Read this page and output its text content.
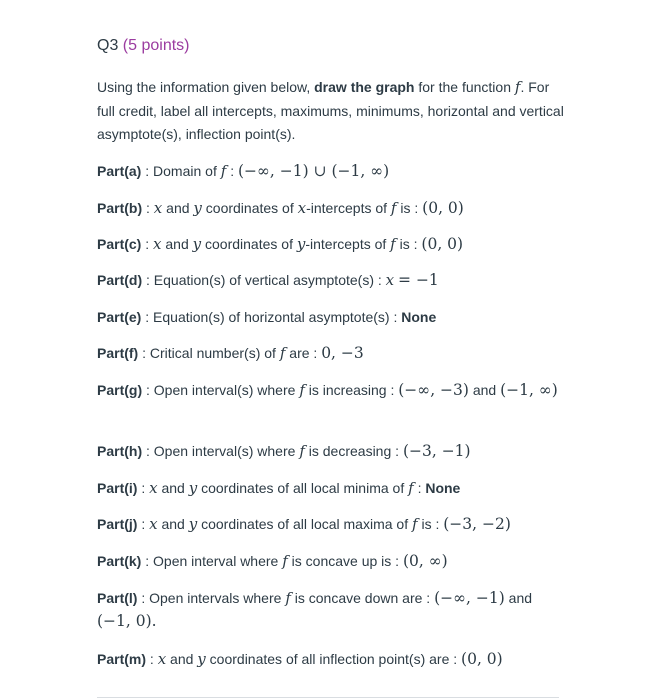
Q3 (5 points)
Using the information given below, draw the graph for the function f. For full credit, label all intercepts, maximums, minimums, horizontal and vertical asymptote(s), inflection point(s).
Part(a) : Domain of f : (−∞, −1) ∪ (−1, ∞)
Part(b) : x and y coordinates of x-intercepts of f is : (0, 0)
Part(c) : x and y coordinates of y-intercepts of f is : (0, 0)
Part(d) : Equation(s) of vertical asymptote(s) : x = −1
Part(e) : Equation(s) of horizontal asymptote(s) : None
Part(f) : Critical number(s) of f are : 0, −3
Part(g) : Open interval(s) where f is increasing : (−∞, −3) and (−1, ∞)
Part(h) : Open interval(s) where f is decreasing : (−3, −1)
Part(i) : x and y coordinates of all local minima of f : None
Part(j) : x and y coordinates of all local maxima of f is : (−3, −2)
Part(k) : Open interval where f is concave up is : (0, ∞)
Part(l) : Open intervals where f is concave down are : (−∞, −1) and (−1, 0).
Part(m) : x and y coordinates of all inflection point(s) are : (0, 0)
